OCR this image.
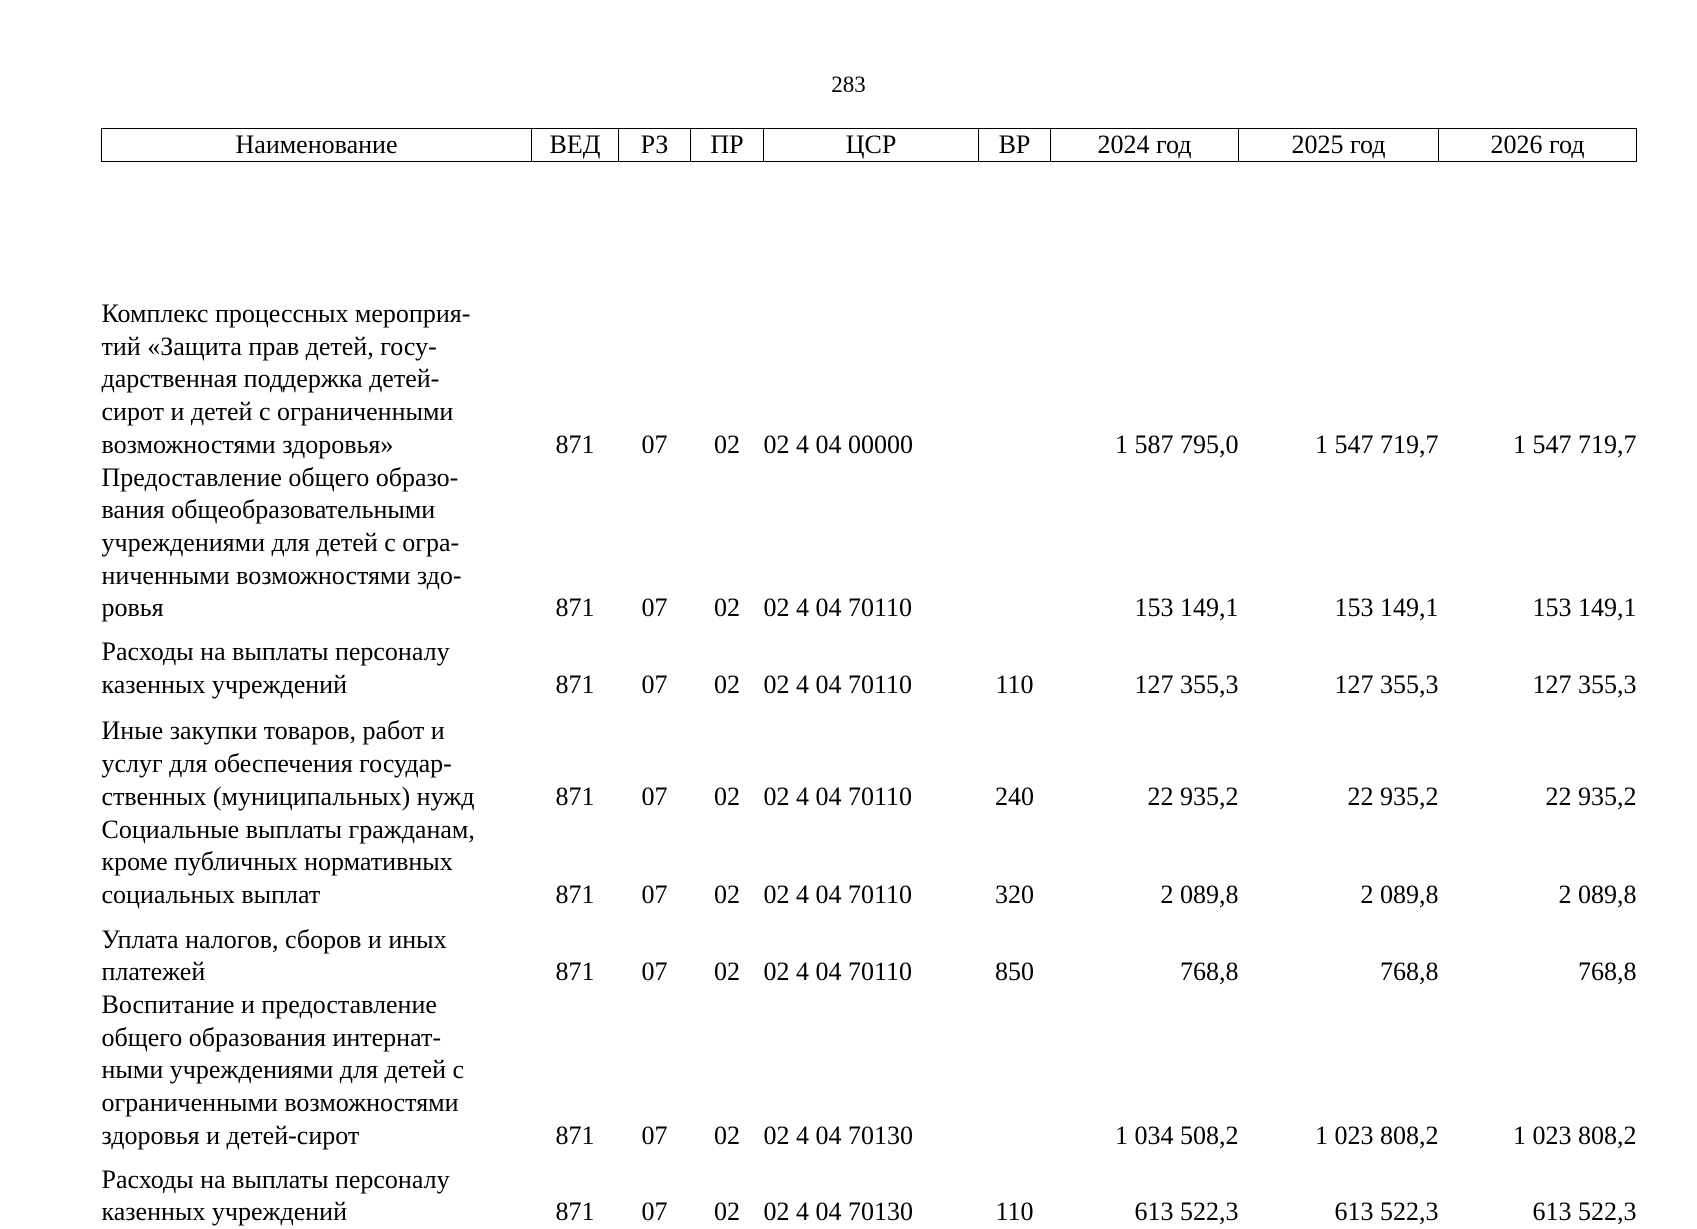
283
Наименование	ВЕД	РЗ	ПР	ЦСР	ВР	2024 год	2025 год	2026 год

Комплекс процессных мероприя-
тий «Защита прав детей, госу-
дарственная поддержка детей-
сирот и детей с ограниченными
возможностями здоровья»	871	07	02	02 4 04 00000		1 587 795,0	1 547 719,7	1 547 719,7

Предоставление общего образо-
вания общеобразовательными
учреждениями для детей с огра-
ниченными возможностями здо-
ровья	871	07	02	02 4 04 70110		153 149,1	153 149,1	153 149,1

Расходы на выплаты персоналу
казенных учреждений	871	07	02	02 4 04 70110	110	127 355,3	127 355,3	127 355,3

Иные закупки товаров, работ и
услуг для обеспечения государ-
ственных (муниципальных) нужд	871	07	02	02 4 04 70110	240	22 935,2	22 935,2	22 935,2

Социальные выплаты гражданам,
кроме публичных нормативных
социальных выплат	871	07	02	02 4 04 70110	320	2 089,8	2 089,8	2 089,8

Уплата налогов, сборов и иных
платежей	871	07	02	02 4 04 70110	850	768,8	768,8	768,8

Воспитание и предоставление
общего образования интернат-
ными учреждениями для детей с
ограниченными возможностями
здоровья и детей-сирот	871	07	02	02 4 04 70130		1 034 508,2	1 023 808,2	1 023 808,2

Расходы на выплаты персоналу
казенных учреждений	871	07	02	02 4 04 70130	110	613 522,3	613 522,3	613 522,3
